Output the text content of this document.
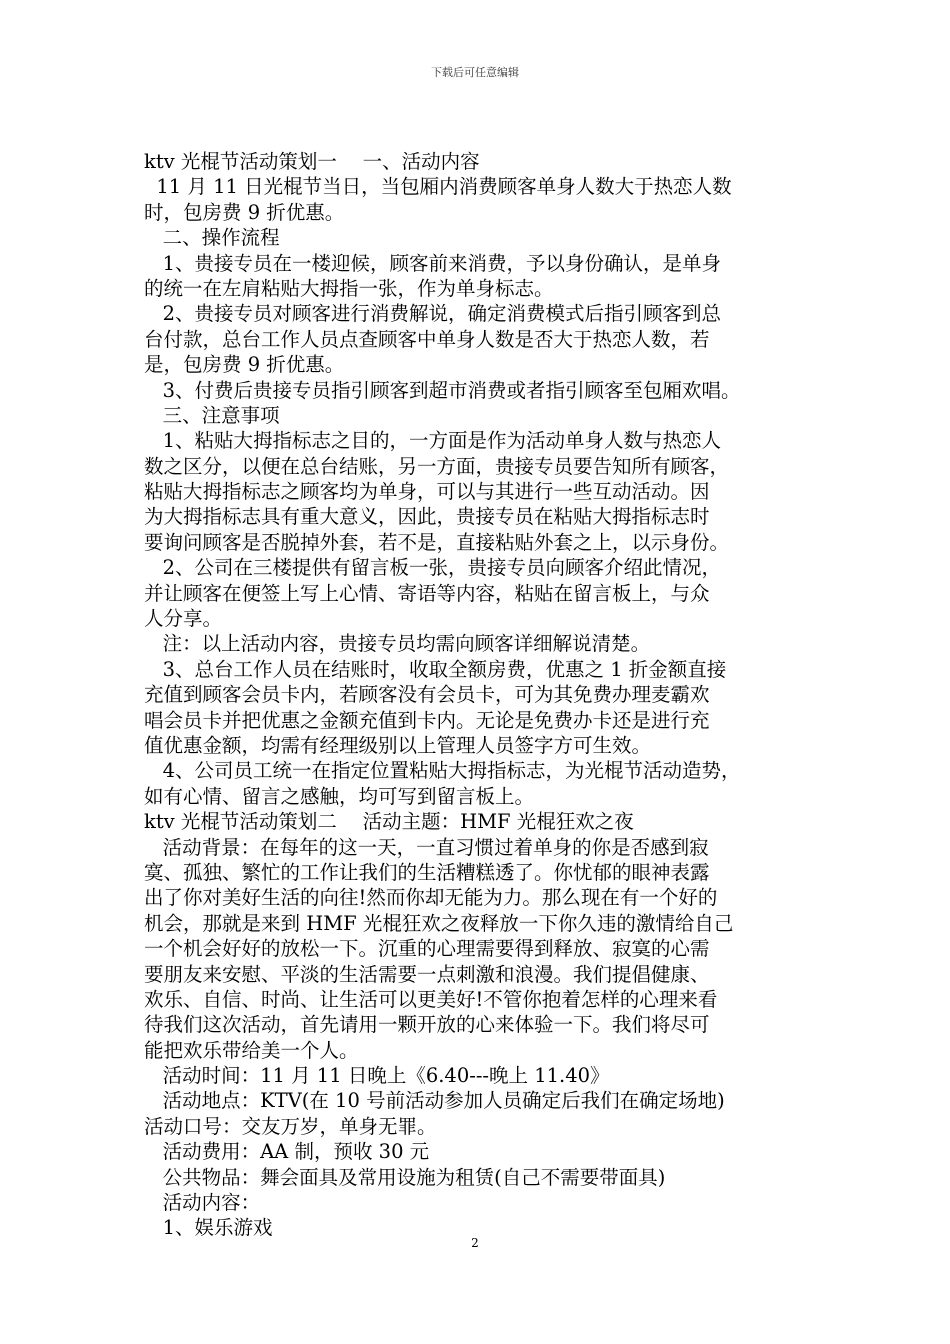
下载后可任意编辑
ktv 光棍节活动策划一　 一、活动内容
11 月 11 日光棍节当日，当包厢内消费顾客单身人数大于热恋人数
时，包房费 9 折优惠。
二、操作流程
1、贵接专员在一楼迎候，顾客前来消费，予以身份确认，是单身
的统一在左肩粘贴大拇指一张，作为单身标志。
2、贵接专员对顾客进行消费解说，确定消费模式后指引顾客到总
台付款，总台工作人员点查顾客中单身人数是否大于热恋人数，若
是，包房费 9 折优惠。
3、付费后贵接专员指引顾客到超市消费或者指引顾客至包厢欢唱。
三、注意事项
1、粘贴大拇指标志之目的，一方面是作为活动单身人数与热恋人
数之区分，以便在总台结账，另一方面，贵接专员要告知所有顾客，
粘贴大拇指标志之顾客均为单身，可以与其进行一些互动活动。因
为大拇指标志具有重大意义，因此，贵接专员在粘贴大拇指标志时
要询问顾客是否脱掉外套，若不是，直接粘贴外套之上，以示身份。
2、公司在三楼提供有留言板一张，贵接专员向顾客介绍此情况，
并让顾客在便签上写上心情、寄语等内容，粘贴在留言板上，与众
人分享。
注：以上活动内容，贵接专员均需向顾客详细解说清楚。
3、总台工作人员在结账时，收取全额房费，优惠之 1 折金额直接
充值到顾客会员卡内，若顾客没有会员卡，可为其免费办理麦霸欢
唱会员卡并把优惠之金额充值到卡内。无论是免费办卡还是进行充
值优惠金额，均需有经理级别以上管理人员签字方可生效。
4、公司员工统一在指定位置粘贴大拇指标志，为光棍节活动造势，
如有心情、留言之感触，均可写到留言板上。
ktv 光棍节活动策划二　 活动主题：HMF 光棍狂欢之夜
活动背景：在每年的这一天，一直习惯过着单身的你是否感到寂
寞、孤独、繁忙的工作让我们的生活糟糕透了。你忧郁的眼神表露
出了你对美好生活的向往!然而你却无能为力。那么现在有一个好的
机会，那就是来到 HMF 光棍狂欢之夜释放一下你久违的激情给自己
一个机会好好的放松一下。沉重的心理需要得到释放、寂寞的心需
要朋友来安慰、平淡的生活需要一点刺激和浪漫。我们提倡健康、
欢乐、自信、时尚、让生活可以更美好!不管你抱着怎样的心理来看
待我们这次活动，首先请用一颗开放的心来体验一下。我们将尽可
能把欢乐带给美一个人。
活动时间：11 月 11 日晚上《6.40---晚上 11.40》
活动地点：KTV(在 10 号前活动参加人员确定后我们在确定场地)
活动口号：交友万岁，单身无罪。
活动费用：AA 制，预收 30 元
公共物品：舞会面具及常用设施为租赁(自己不需要带面具)
活动内容：
1、娱乐游戏
2
